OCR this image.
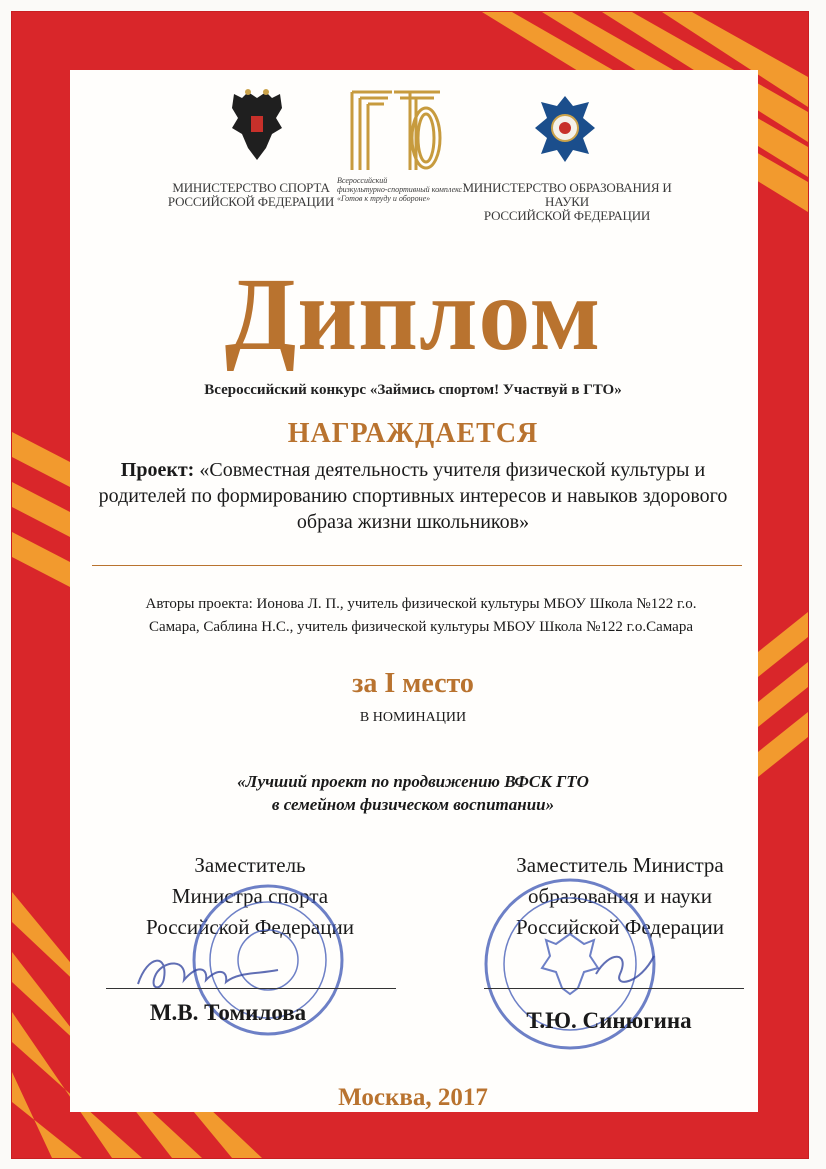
Всероссийский
физкультурно-спортивный комплекс
«Готов к труду и обороне»
МИНИСТЕРСТВО СПОРТА
РОССИЙСКОЙ ФЕДЕРАЦИИ
МИНИСТЕРСТВО ОБРАЗОВАНИЯ И НАУКИ
РОССИЙСКОЙ ФЕДЕРАЦИИ
Диплом
Всероссийский конкурс «Займись спортом! Участвуй в ГТО»
НАГРАЖДАЕТСЯ
Проект: «Совместная деятельность учителя физической культуры и родителей по формированию спортивных интересов и навыков здорового образа жизни школьников»
Авторы проекта: Ионова Л. П., учитель физической культуры МБОУ Школа №122 г.о.
Самара, Саблина Н.С., учитель физической культуры МБОУ Школа №122 г.о.Самара
за I место
В НОМИНАЦИИ
«Лучший проект по продвижению ВФСК ГТО
в семейном физическом воспитании»
Заместитель
Министра спорта
Российской Федерации
Заместитель Министра
образования и науки
Российской Федерации
М.В. Томилова	Т.Ю. Синюгина
Москва, 2017
